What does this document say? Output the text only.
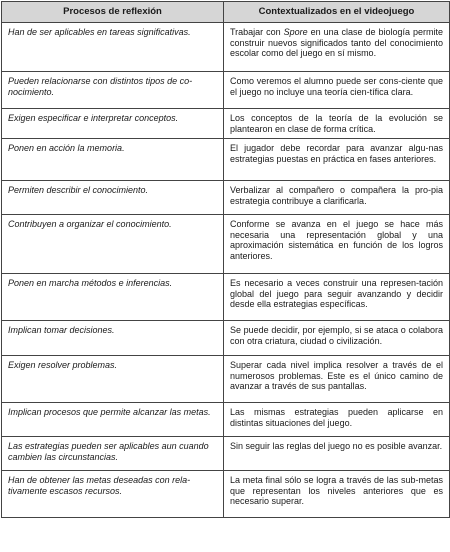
Procesos de reflexión	Contextualizados en el videojuego
Han de ser aplicables en tareas significativas.	Trabajar con Spore en una clase de biología permite construir nuevos significados tanto del conocimiento escolar como del juego en sí mismo.
Pueden relacionarse con distintos tipos de co-nocimiento.	Como veremos el alumno puede ser cons-ciente que el juego no incluye una teoría cien-tífica clara.
Exigen especificar e interpretar conceptos.	Los conceptos de la teoría de la evolución se plantearon en clase de forma crítica.
Ponen en acción la memoria.	El jugador debe recordar para avanzar algu-nas estrategias puestas en práctica en fases anteriores.
Permiten describir el conocimiento.	Verbalizar al compañero o compañera la pro-pia estrategia contribuye a clarificarla.
Contribuyen a organizar el conocimiento.	Conforme se avanza en el juego se hace más necesaria una representación global y una aproximación sistemática en función de los logros anteriores.
Ponen en marcha métodos e inferencias.	Es necesario a veces construir una represen-tación global del juego para seguir avanzando y decidir desde ella estrategias específicas.
Implican tomar decisiones.	Se puede decidir, por ejemplo, si se ataca o colabora con otra criatura, ciudad o civilización.
Exigen resolver problemas.	Superar cada nivel implica resolver a través de el numerosos problemas. Este es el único camino de avanzar a través de sus pantallas.
Implican procesos que permite alcanzar las metas.	Las mismas estrategias pueden aplicarse en distintas situaciones del juego.
Las estrategias pueden ser aplicables aun cuando cambien las circunstancias.	Sin seguir las reglas del juego no es posible avanzar.
Han de obtener las metas deseadas con rela-tivamente escasos recursos.	La meta final sólo se logra a través de las sub-metas que representan los niveles anteriores que es necesario superar.
